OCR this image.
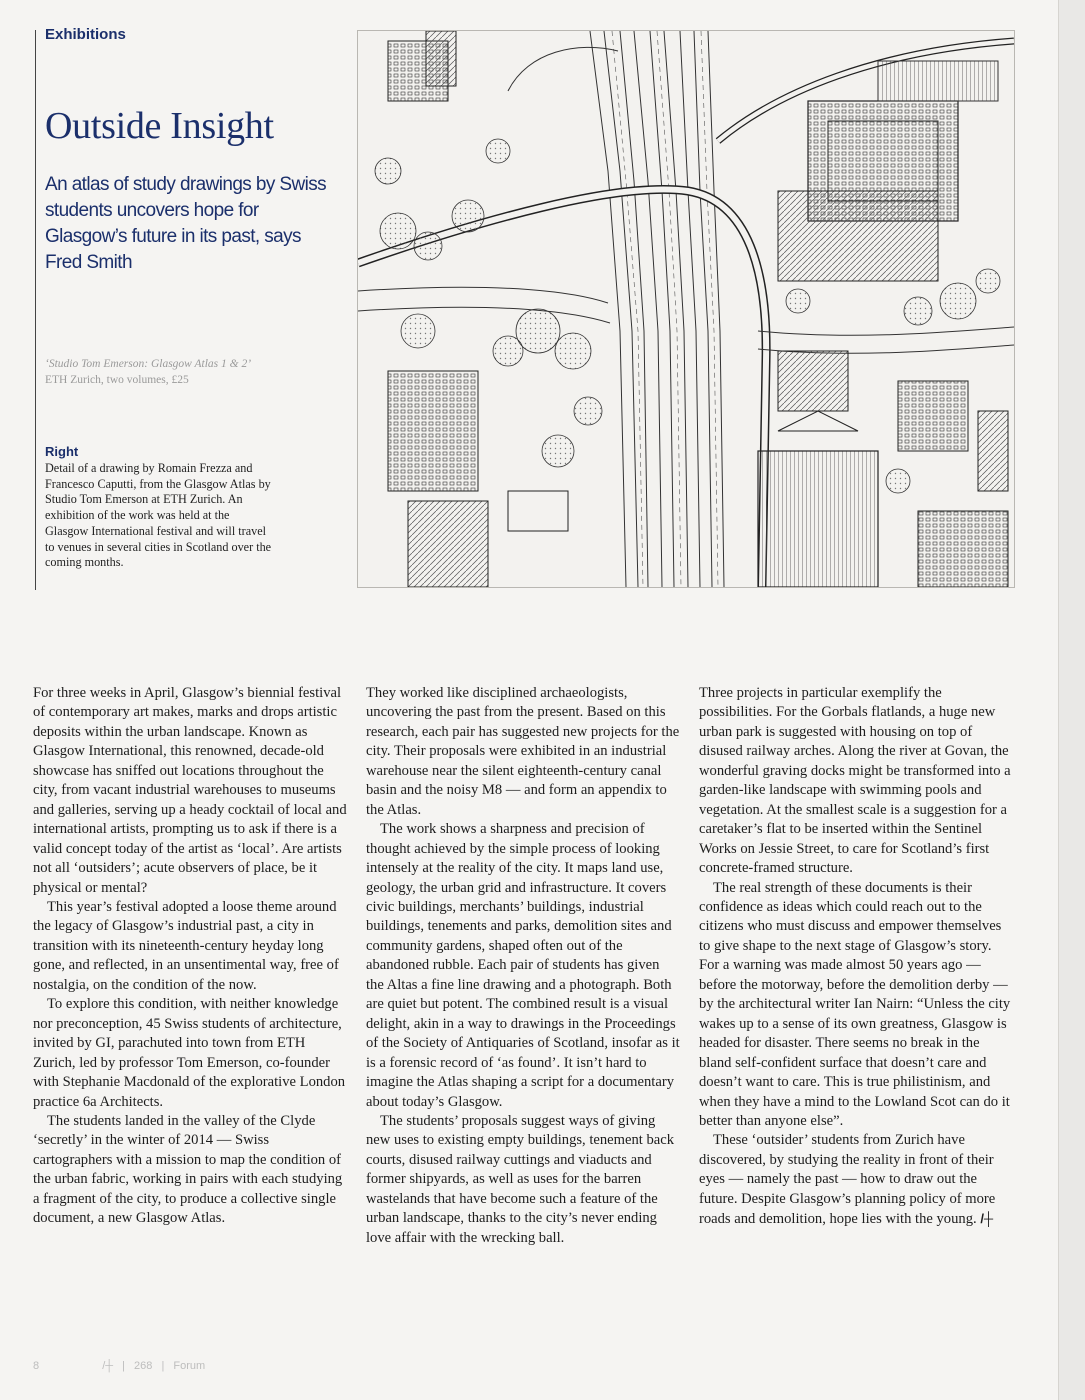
Exhibitions
Outside Insight

An atlas of study drawings by Swiss students uncovers hope for Glasgow’s future in its past, says Fred Smith

‘Studio Tom Emerson: Glasgow Atlas 1 & 2’
ETH Zurich, two volumes, £25
Right

Detail of a drawing by Romain Frezza and Francesco Caputti, from the Glasgow Atlas by Studio Tom Emerson at ETH Zurich. An exhibition of the work was held at the Glasgow International festival and will travel to venues in several cities in Scotland over the coming months.

For three weeks in April, Glasgow’s biennial festival of contemporary art makes, marks and drops artistic deposits within the urban landscape. Known as Glasgow International, this renowned, decade-old showcase has sniffed out locations throughout the city, from vacant industrial warehouses to museums and galleries, serving up a heady cocktail of local and international artists, prompting us to ask if there is a valid concept today of the artist as ‘local’. Are artists not all ‘outsiders’; acute observers of place, be it physical or mental?

This year’s festival adopted a loose theme around the legacy of Glasgow’s industrial past, a city in transition with its nineteenth-century heyday long gone, and reflected, in an unsentimental way, free of nostalgia, on the condition of the now.

To explore this condition, with neither knowledge nor preconception, 45 Swiss students of architecture, invited by GI, parachuted into town from ETH Zurich, led by professor Tom Emerson, co-founder with Stephanie Macdonald of the explorative London practice 6a Architects.

The students landed in the valley of the Clyde ‘secretly’ in the winter of 2014 — Swiss cartographers with a mission to map the condition of the urban fabric, working in pairs with each studying a fragment of the city, to produce a collective single document, a new Glasgow Atlas.

They worked like disciplined archaeologists, uncovering the past from the present. Based on this research, each pair has suggested new projects for the city. Their proposals were exhibited in an industrial warehouse near the silent eighteenth-century canal basin and the noisy M8 — and form an appendix to the Atlas.

The work shows a sharpness and precision of thought achieved by the simple process of looking intensely at the reality of the city. It maps land use, geology, the urban grid and infrastructure. It covers civic buildings, merchants’ buildings, industrial buildings, tenements and parks, demolition sites and community gardens, shaped often out of the abandoned rubble. Each pair of students has given the Altas a fine line drawing and a photograph. Both are quiet but potent. The combined result is a visual delight, akin in a way to drawings in the Proceedings of the Society of Antiquaries of Scotland, insofar as it is a forensic record of ‘as found’. It isn’t hard to imagine the Atlas shaping a script for a documentary about today’s Glasgow.

The students’ proposals suggest ways of giving new uses to existing empty buildings, tenement back courts, disused railway cuttings and viaducts and former shipyards, as well as uses for the barren wastelands that have become such a feature of the urban landscape, thanks to the city’s never ending love affair with the wrecking ball.

Three projects in particular exemplify the possibilities. For the Gorbals flatlands, a huge new urban park is suggested with housing on top of disused railway arches. Along the river at Govan, the wonderful graving docks might be transformed into a garden-like landscape with swimming pools and vegetation. At the smallest scale is a suggestion for a caretaker’s flat to be inserted within the Sentinel Works on Jessie Street, to care for Scotland’s first concrete-framed structure.

The real strength of these documents is their confidence as ideas which could reach out to the citizens who must discuss and empower themselves to give shape to the next stage of Glasgow’s story. For a warning was made almost 50 years ago — before the motorway, before the demolition derby — by the architectural writer Ian Nairn: “Unless the city wakes up to a sense of its own greatness, Glasgow is headed for disaster. There seems no break in the bland self-confident surface that doesn’t care and doesn’t want to care. This is true philistinism, and when they have a mind to the Lowland Scot can do it better than anyone else”.

These ‘outsider’ students from Zurich have discovered, by studying the reality in front of their eyes — namely the past — how to draw out the future. Despite Glasgow’s planning policy of more roads and demolition, hope lies with the young. /┼

8	/┼ | 268 | Forum
